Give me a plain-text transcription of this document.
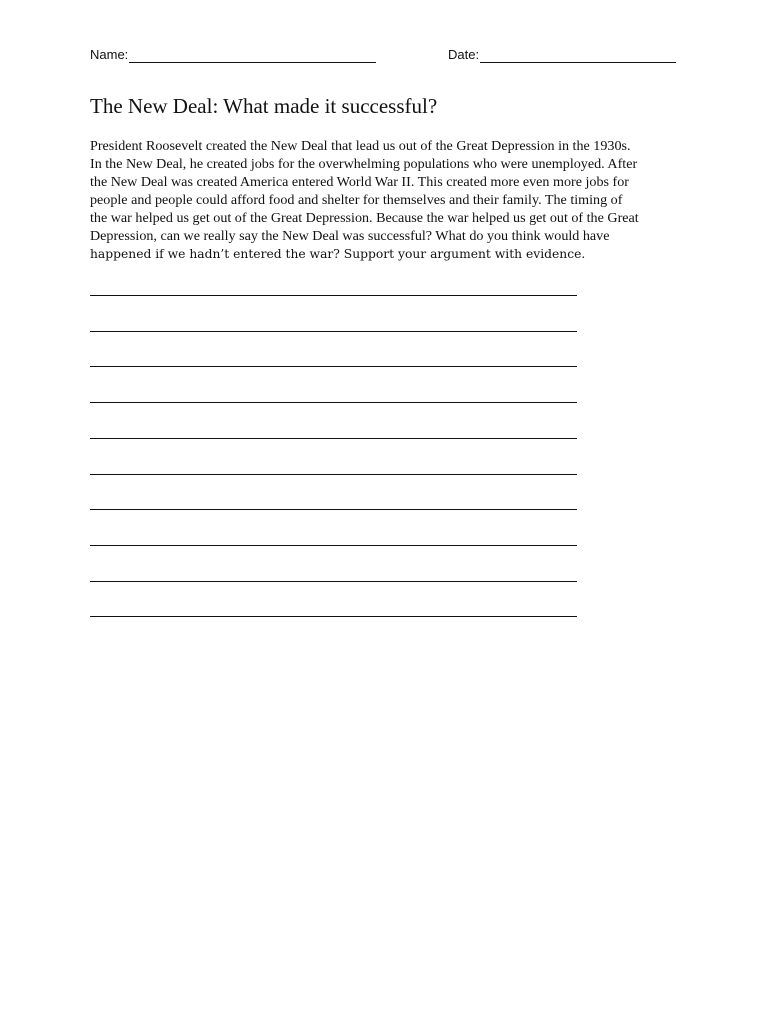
Name:	Date:
The New Deal: What made it successful?
President Roosevelt created the New Deal that lead us out of the Great Depression in the 1930s.
In the New Deal, he created jobs for the overwhelming populations who were unemployed. After
the New Deal was created America entered World War II. This created more even more jobs for
people and people could afford food and shelter for themselves and their family. The timing of
the war helped us get out of the Great Depression. Because the war helped us get out of the Great
Depression, can we really say the New Deal was successful? What do you think would have
happened if we hadn’t entered the war? Support your argument with evidence.
